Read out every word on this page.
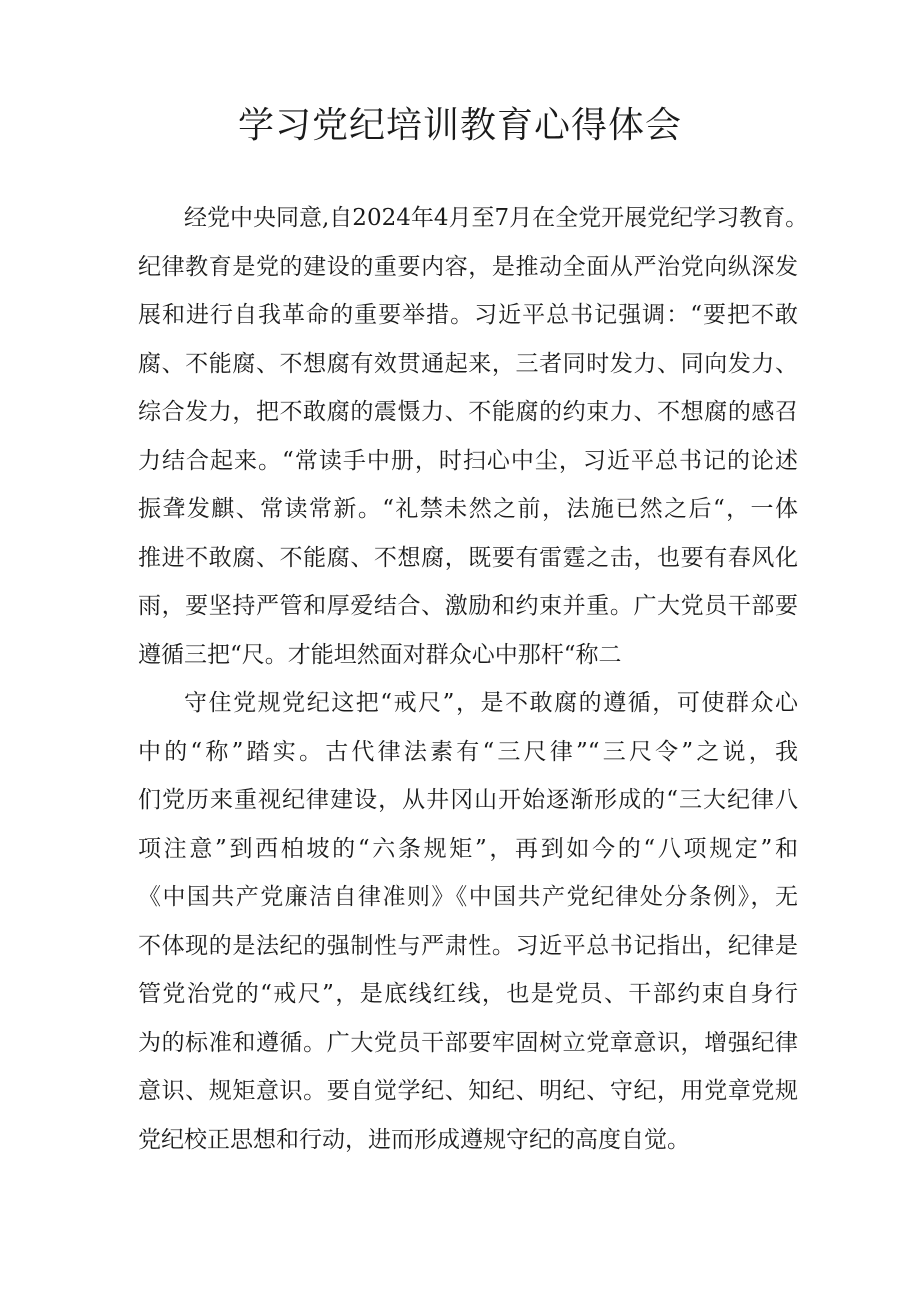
学习党纪培训教育心得体会

经党中央同意,自2024年4月至7月在全党开展党纪学习教育。
纪律教育是党的建设的重要内容，是推动全面从严治党向纵深发
展和进行自我革命的重要举措。习近平总书记强调：“要把不敢
腐、不能腐、不想腐有效贯通起来，三者同时发力、同向发力、
综合发力，把不敢腐的震慑力、不能腐的约束力、不想腐的感召
力结合起来。“常读手中册，时扫心中尘，习近平总书记的论述
振聋发麒、常读常新。“礼禁未然之前，法施已然之后“，一体
推进不敢腐、不能腐、不想腐，既要有雷霆之击，也要有春风化
雨，要坚持严管和厚爱结合、激励和约束并重。广大党员干部要
遵循三把“尺。才能坦然面对群众心中那杆“称二

守住党规党纪这把“戒尺”，是不敢腐的遵循，可使群众心
中的“称”踏实。古代律法素有“三尺律”“三尺令”之说，我
们党历来重视纪律建设，从井冈山开始逐渐形成的“三大纪律八
项注意”到西柏坡的“六条规矩”，再到如今的“八项规定”和
《中国共产党廉洁自律准则》《中国共产党纪律处分条例》，无
不体现的是法纪的强制性与严肃性。习近平总书记指出，纪律是
管党治党的“戒尺”，是底线红线，也是党员、干部约束自身行
为的标准和遵循。广大党员干部要牢固树立党章意识，增强纪律
意识、规矩意识。要自觉学纪、知纪、明纪、守纪，用党章党规
党纪校正思想和行动，进而形成遵规守纪的高度自觉。
